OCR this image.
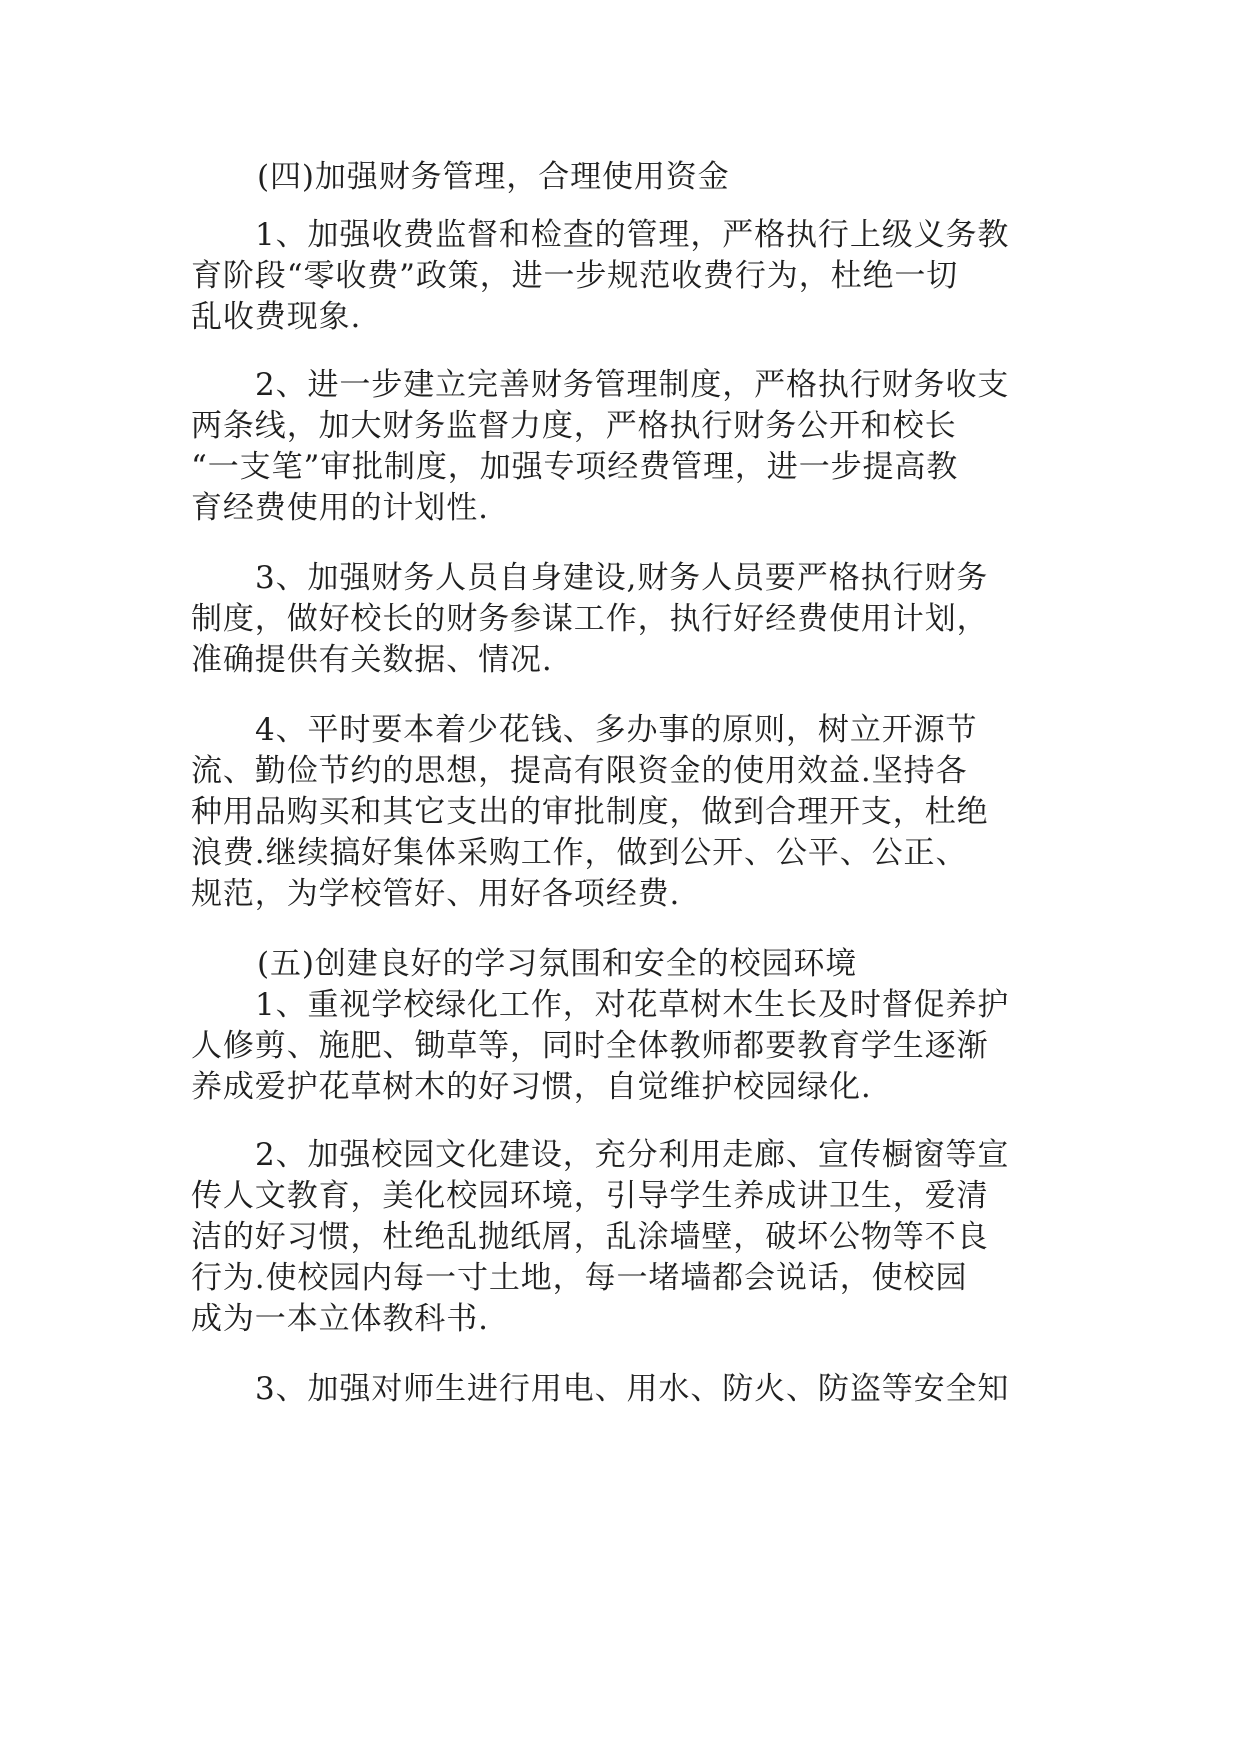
(四)加强财务管理，合理使用资金
1、加强收费监督和检查的管理，严格执行上级义务教
育阶段“零收费”政策，进一步规范收费行为，杜绝一切
乱收费现象.
2、进一步建立完善财务管理制度，严格执行财务收支
两条线，加大财务监督力度，严格执行财务公开和校长
“一支笔”审批制度，加强专项经费管理，进一步提高教
育经费使用的计划性.
3、加强财务人员自身建设,财务人员要严格执行财务
制度，做好校长的财务参谋工作，执行好经费使用计划，
准确提供有关数据、情况.
4、平时要本着少花钱、多办事的原则，树立开源节
流、勤俭节约的思想，提高有限资金的使用效益.坚持各
种用品购买和其它支出的审批制度，做到合理开支，杜绝
浪费.继续搞好集体采购工作，做到公开、公平、公正、
规范，为学校管好、用好各项经费.
(五)创建良好的学习氛围和安全的校园环境
1、重视学校绿化工作，对花草树木生长及时督促养护
人修剪、施肥、锄草等，同时全体教师都要教育学生逐渐
养成爱护花草树木的好习惯，自觉维护校园绿化.
2、加强校园文化建设，充分利用走廊、宣传橱窗等宣
传人文教育，美化校园环境，引导学生养成讲卫生，爱清
洁的好习惯，杜绝乱抛纸屑，乱涂墙壁，破坏公物等不良
行为.使校园内每一寸土地，每一堵墙都会说话，使校园
成为一本立体教科书.
3、加强对师生进行用电、用水、防火、防盗等安全知
